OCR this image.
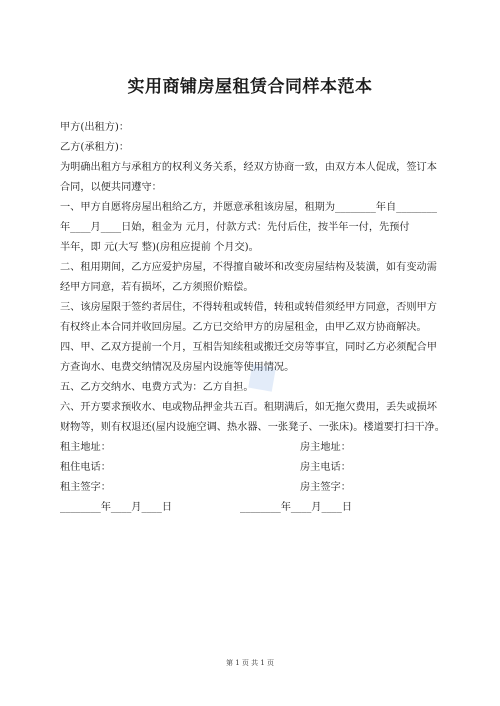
实用商铺房屋租赁合同样本范本
甲方(出租方)：
乙方(承租方)：
为明确出租方与承租方的权利义务关系，经双方协商一致，由双方本人促成，签订本
合同，以便共同遵守：
一、甲方自愿将房屋出租给乙方，并愿意承租该房屋，租期为________年自________
年____月____日始，租金为 元月，付款方式：先付后住，按半年一付，先预付
半年，即 元(大写 整)(房租应提前 个月交)。
二、租用期间，乙方应爱护房屋，不得擅自破坏和改变房屋结构及装潢，如有变动需
经甲方同意，若有损坏，乙方须照价赔偿。
三、该房屋限于签约者居住，不得转租或转借，转租或转借须经甲方同意，否则甲方
有权终止本合同并收回房屋。乙方已交给甲方的房屋租金，由甲乙双方协商解决。
四、甲、乙双方提前一个月，互相告知续租或搬迁交房等事宜，同时乙方必须配合甲
方查询水、电费交纳情况及房屋内设施等使用情况。
五、乙方交纳水、电费方式为：乙方自担。
六、开方要求预收水、电或物品押金共五百。租期满后，如无拖欠费用，丢失或损坏
财物等，则有权退还(屋内设施空调、热水器、一张凳子、一张床)。楼道要打扫干净。
租主地址：	房主地址：
租住电话：	房主电话：
租主签字：	房主签字：
________年____月____日	________年____月____日
◆
第 1 页 共 1 页
